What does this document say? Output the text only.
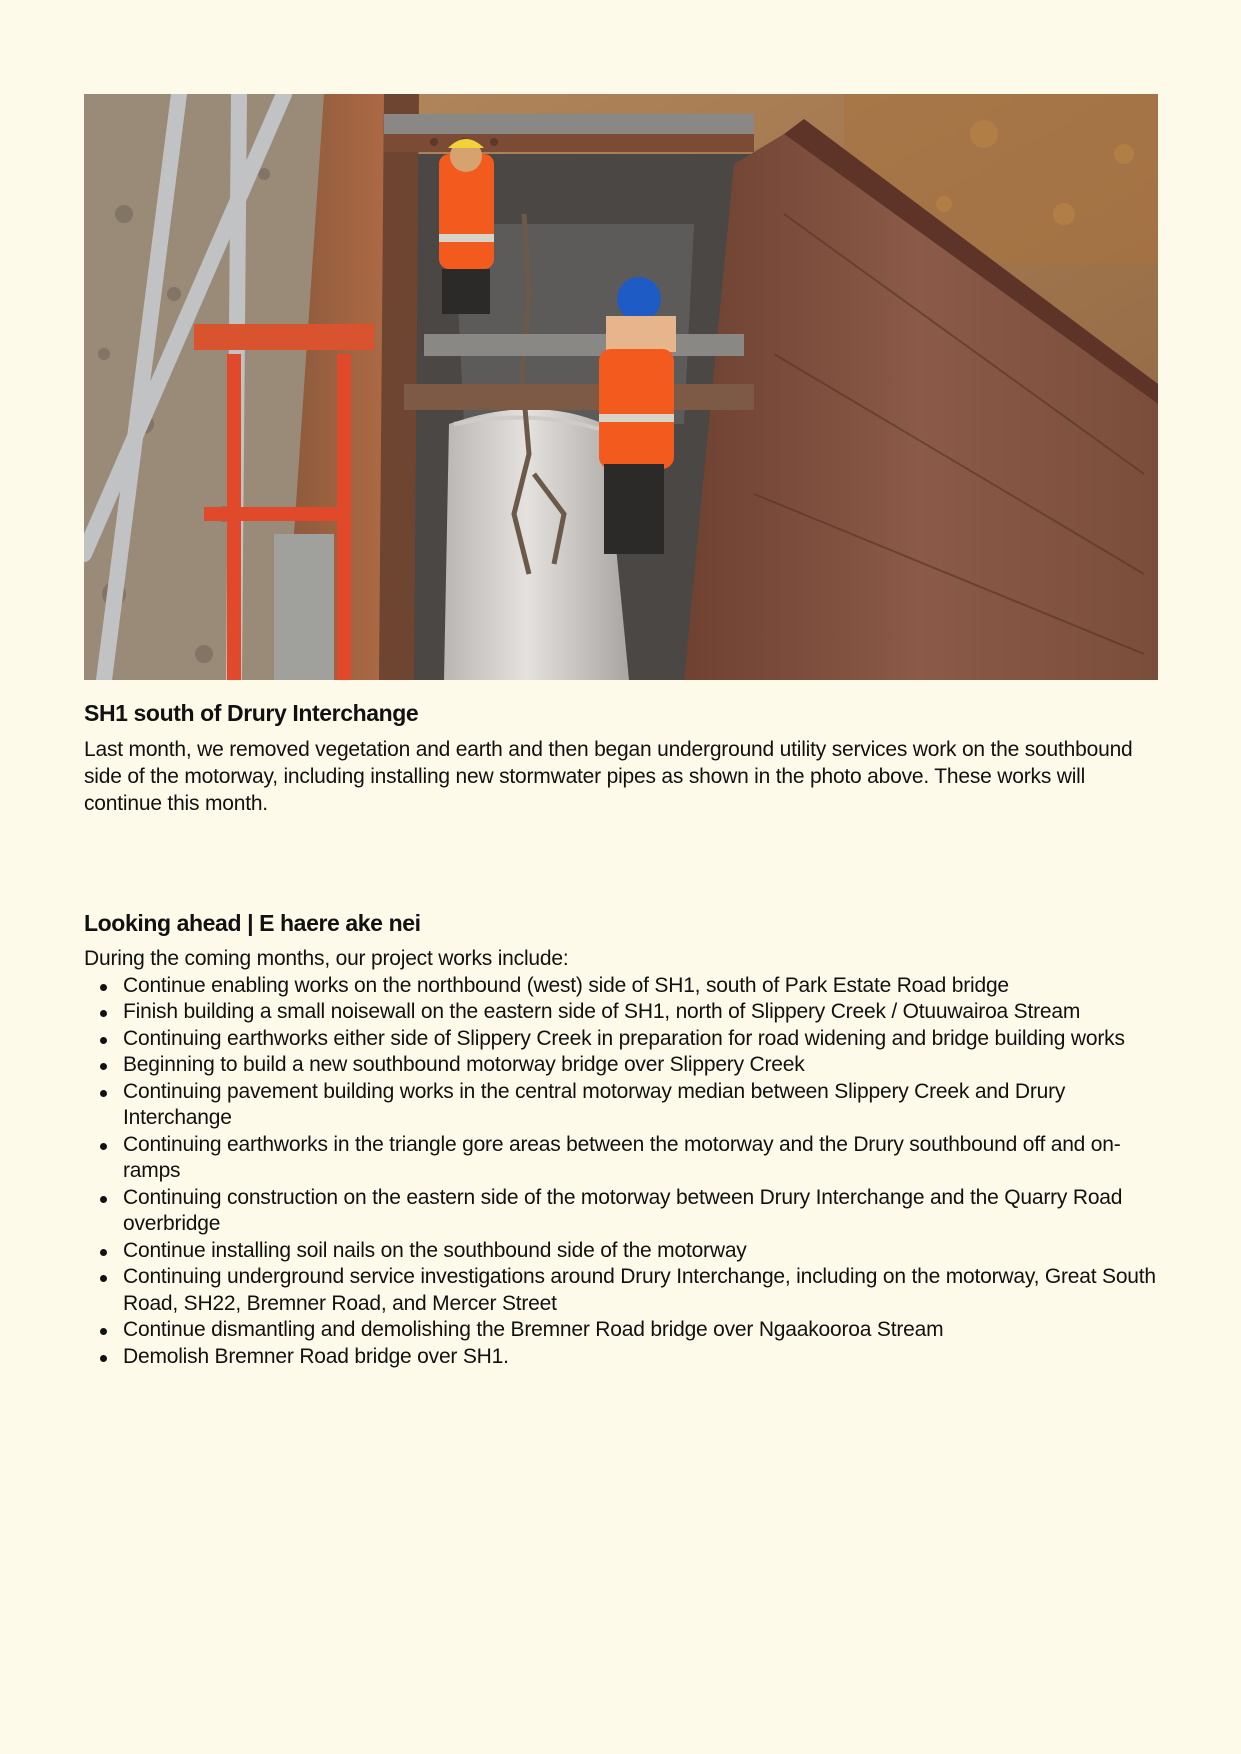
SH1 south of Drury Interchange

Last month, we removed vegetation and earth and then began underground utility services work on the southbound side of the motorway, including installing new stormwater pipes as shown in the photo above. These works will continue this month.

Looking ahead | E haere ake nei

During the coming months, our project works include:

Continue enabling works on the northbound (west) side of SH1, south of Park Estate Road bridge
Finish building a small noisewall on the eastern side of SH1, north of Slippery Creek / Otuuwairoa Stream
Continuing earthworks either side of Slippery Creek in preparation for road widening and bridge building works
Beginning to build a new southbound motorway bridge over Slippery Creek
Continuing pavement building works in the central motorway median between Slippery Creek and Drury Interchange
Continuing earthworks in the triangle gore areas between the motorway and the Drury southbound off and on-ramps
Continuing construction on the eastern side of the motorway between Drury Interchange and the Quarry Road overbridge
Continue installing soil nails on the southbound side of the motorway
Continuing underground service investigations around Drury Interchange, including on the motorway, Great South Road, SH22, Bremner Road, and Mercer Street
Continue dismantling and demolishing the Bremner Road bridge over Ngaakooroa Stream
Demolish Bremner Road bridge over SH1.
